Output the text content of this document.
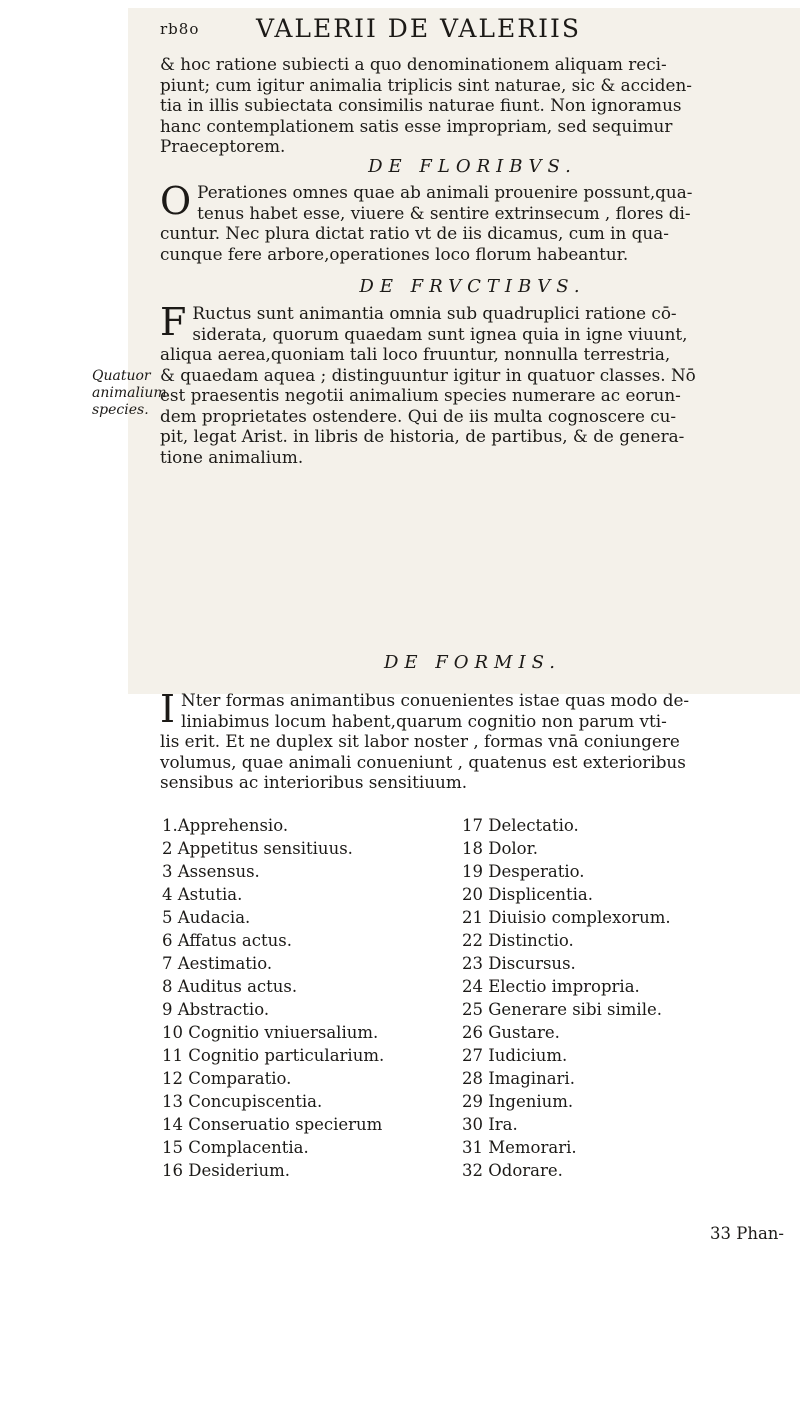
rb8o VALERII DE VALERIIS
& hoc ratione subiecti a quo denominationem aliquam reci-
piunt; cum igitur animalia triplicis sint naturae, sic & acciden-
tia in illis subiectata consimilis naturae fiunt. Non ignoramus
hanc contemplationem satis esse impropriam, sed sequimur
Praeceptorem.
DE FLORIBVS.
O Perationes omnes quae ab animali prouenire possunt,qua-
tenus habet esse, viuere & sentire extrinsecum , flores di-
cuntur. Nec plura dictat ratio vt de iis dicamus, cum in qua-
cunque fere arbore,operationes loco florum habeantur.
DE FRVCTIBVS.
F Ructus sunt animantia omnia sub quadruplici ratione cō-
siderata, quorum quaedam sunt ignea quia in igne viuunt,
aliqua aerea,quoniam tali loco fruuntur, nonnulla terrestria,
& quaedam aquea ; distinguuntur igitur in quatuor classes. Nō
est praesentis negotii animalium species numerare ac eorun-
dem proprietates ostendere. Qui de iis multa cognoscere cu-
pit, legat Arist. in libris de historia, de partibus, & de genera-
tione animalium.
Quatuor animalium species.
DE FORMIS.
I Nter formas animantibus conuenientes istae quas modo de-
liniabimus locum habent,quarum cognitio non parum vti-
lis erit. Et ne duplex sit labor noster , formas vnā coniungere
volumus, quae animali conueniunt , quatenus est exterioribus
sensibus ac interioribus sensitiuum.
1.Apprehensio.
2 Appetitus sensitiuus.
3 Assensus.
4 Astutia.
5 Audacia.
6 Affatus actus.
7 Aestimatio.
8 Auditus actus.
9 Abstractio.
10 Cognitio vniuersalium.
11 Cognitio particularium.
12 Comparatio.
13 Concupiscentia.
14 Conseruatio specierum
15 Complacentia.
16 Desiderium.
17 Delectatio.
18 Dolor.
19 Desperatio.
20 Displicentia.
21 Diuisio complexorum.
22 Distinctio.
23 Discursus.
24 Electio impropria.
25 Generare sibi simile.
26 Gustare.
27 Iudicium.
28 Imaginari.
29 Ingenium.
30 Ira.
31 Memorari.
32 Odorare.
33 Phan-
